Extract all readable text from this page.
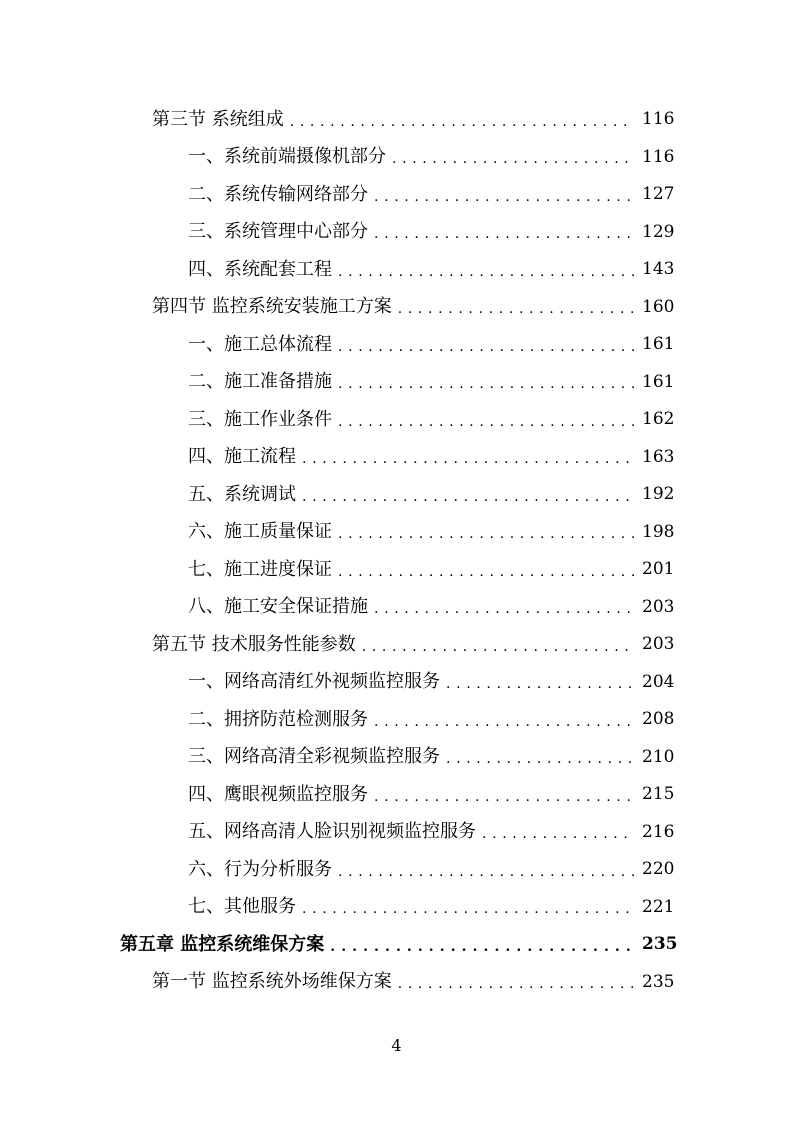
第三节 系统组成 . . .	116
一、系统前端摄像机部分 . . .	116
二、系统传输网络部分 . . .	127
三、系统管理中心部分 . . .	129
四、系统配套工程 . . .	143
第四节 监控系统安装施工方案 . . .	160
一、施工总体流程 . . .	161
二、施工准备措施 . . .	161
三、施工作业条件 . . .	162
四、施工流程 . . .	163
五、系统调试 . . .	192
六、施工质量保证 . . .	198
七、施工进度保证 . . .	201
八、施工安全保证措施 . . .	203
第五节 技术服务性能参数 . . .	203
一、网络高清红外视频监控服务 . . .	204
二、拥挤防范检测服务 . . .	208
三、网络高清全彩视频监控服务 . . .	210
四、鹰眼视频监控服务 . . .	215
五、网络高清人脸识别视频监控服务 . . .	216
六、行为分析服务 . . .	220
七、其他服务 . . .	221
第五章 监控系统维保方案 . . .	235
第一节 监控系统外场维保方案 . . .	235
4
